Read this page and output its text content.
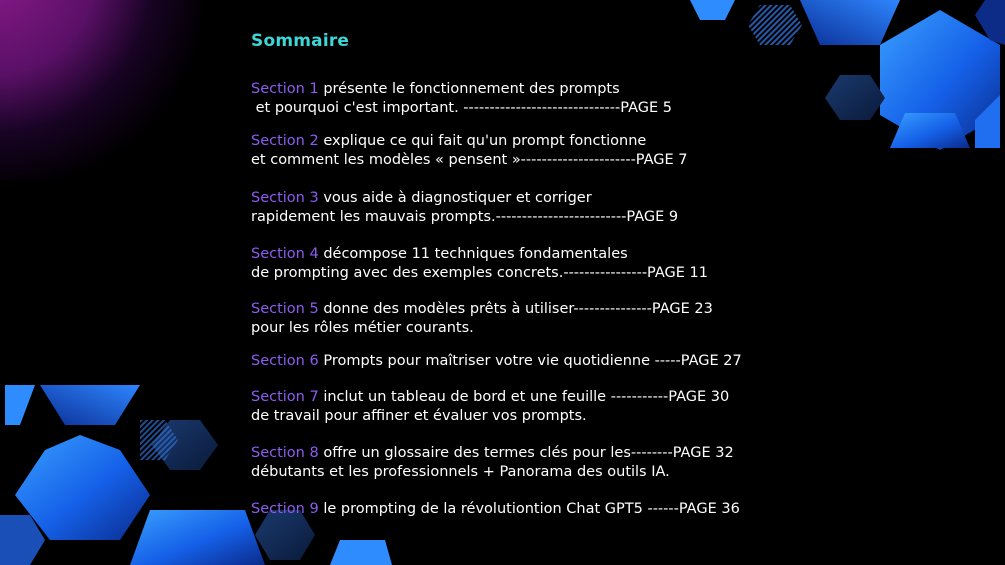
Sommaire
Section 1 présente le fonctionnement des prompts
et pourquoi c'est important. ------------------------------PAGE 5
Section 2 explique ce qui fait qu'un prompt fonctionne
et comment les modèles « pensent »----------------------PAGE 7
Section 3 vous aide à diagnostiquer et corriger
rapidement les mauvais prompts.-------------------------PAGE 9
Section 4 décompose 11 techniques fondamentales
de prompting avec des exemples concrets.----------------PAGE 11
Section 5 donne des modèles prêts à utiliser---------------PAGE 23
pour les rôles métier courants.
Section 6 Prompts pour maîtriser votre vie quotidienne -----PAGE 27
Section 7 inclut un tableau de bord et une feuille -----------PAGE 30
de travail pour affiner et évaluer vos prompts.
Section 8 offre un glossaire des termes clés pour les--------PAGE 32
débutants et les professionnels + Panorama des outils IA.
Section 9 le prompting de la révolutiontion Chat GPT5 ------PAGE 36
